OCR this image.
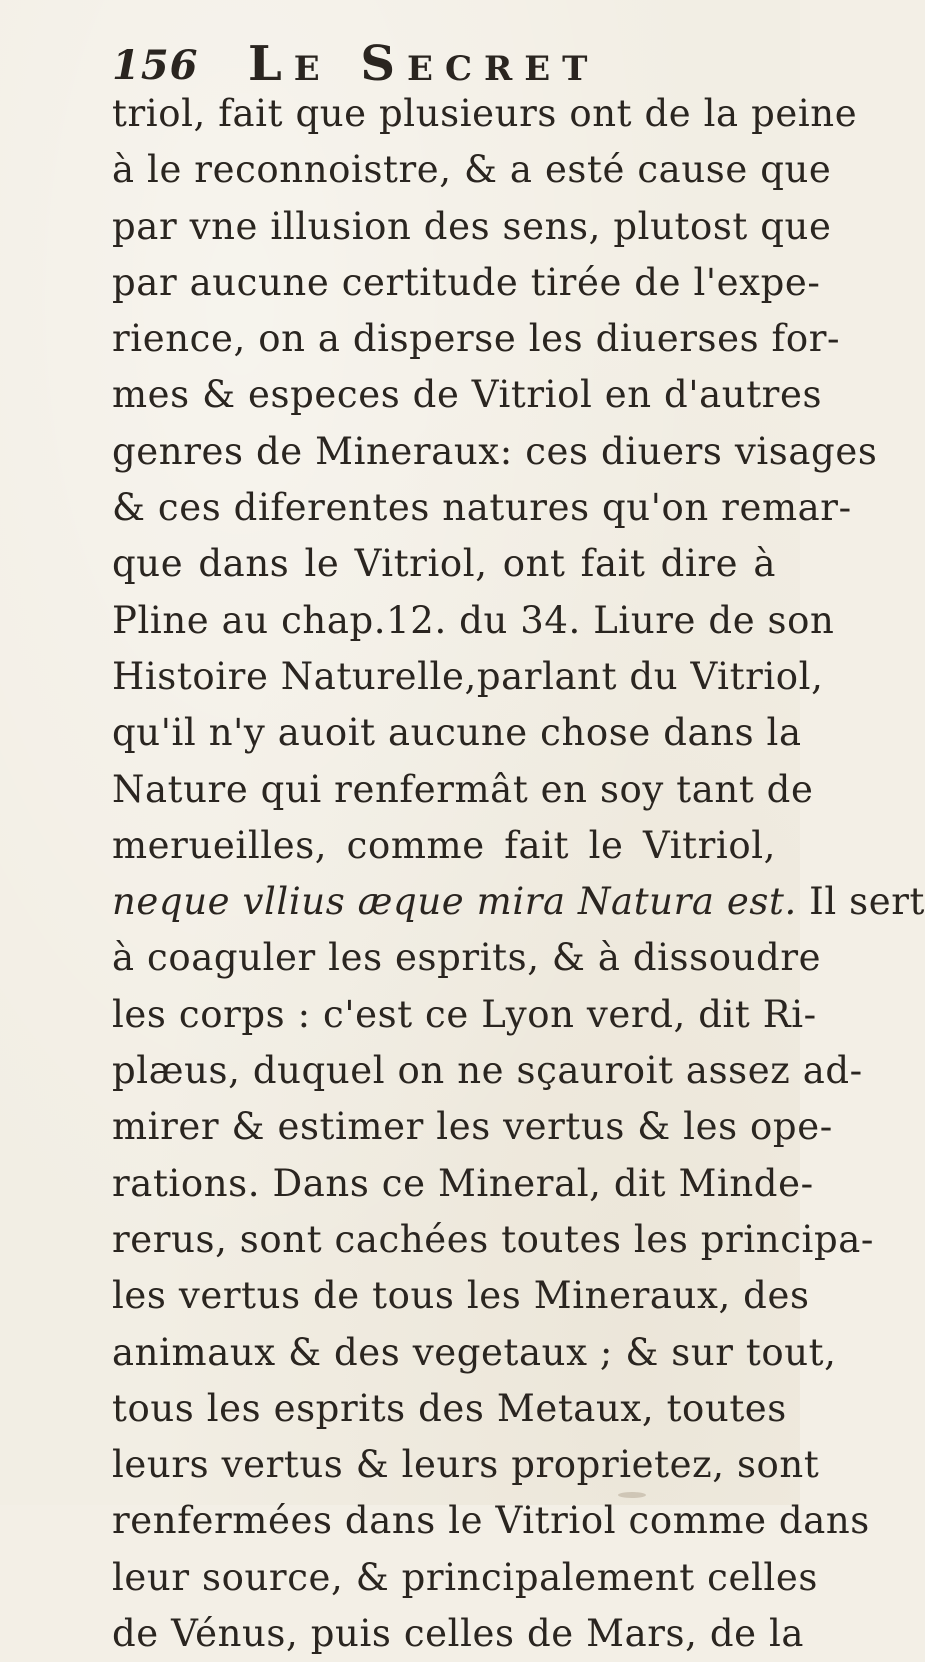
156 Le Secret
triol, fait que plusieurs ont de la peine
à le reconnoistre, & a esté cause que
par vne illusion des sens, plutost que
par aucune certitude tirée de l'expe-
rience, on a disperse les diuerses for-
mes & especes de Vitriol en d'autres
genres de Mineraux: ces diuers visages
& ces diferentes natures qu'on remar-
que dans le Vitriol, ont fait dire à
Pline au chap.12. du 34. Liure de son
Histoire Naturelle,parlant du Vitriol,
qu'il n'y auoit aucune chose dans la
Nature qui renfermât en soy tant de
merueilles, comme fait le Vitriol,
neque vllius æque mira Natura est. Il sert
à coaguler les esprits, & à dissoudre
les corps : c'est ce Lyon verd, dit Ri-
plæus, duquel on ne sçauroit assez ad-
mirer & estimer les vertus & les ope-
rations. Dans ce Mineral, dit Minde-
rerus, sont cachées toutes les principa-
les vertus de tous les Mineraux, des
animaux & des vegetaux ; & sur tout,
tous les esprits des Metaux, toutes
leurs vertus & leurs proprietez, sont
renfermées dans le Vitriol comme dans
leur source, & principalement celles
de Vénus, puis celles de Mars, de la
